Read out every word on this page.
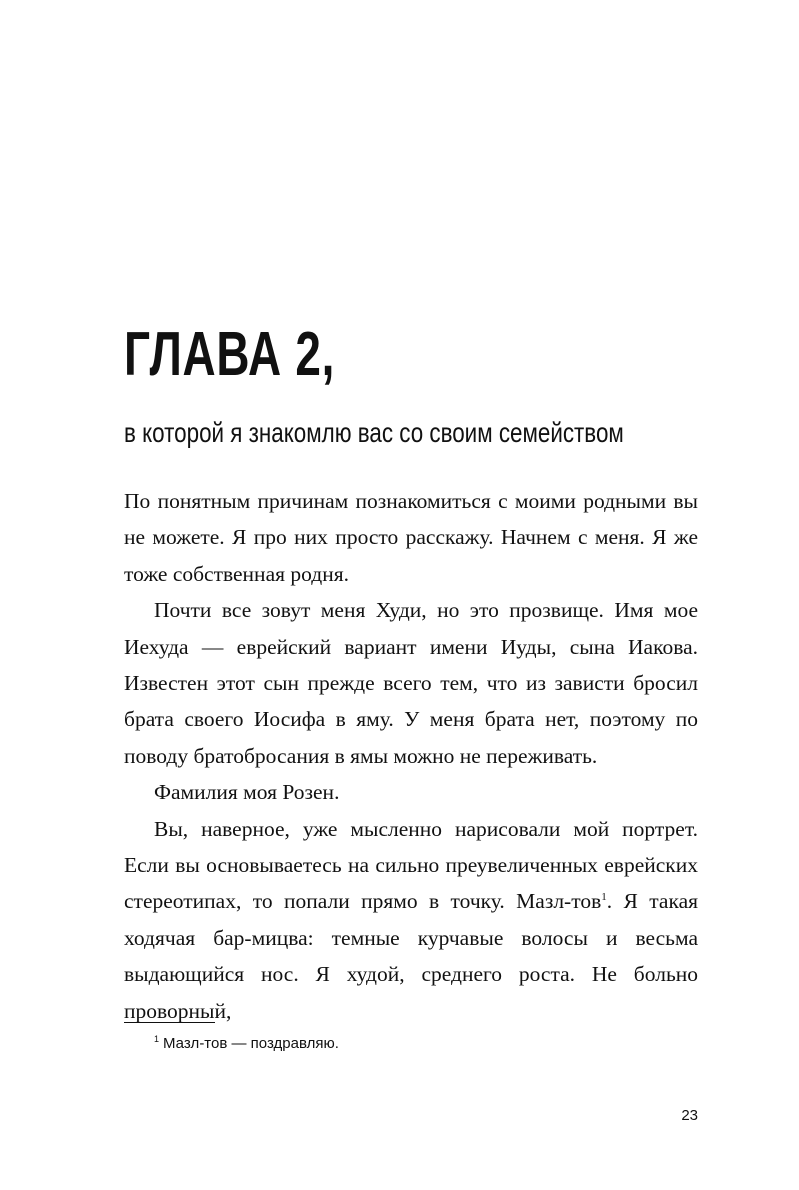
ГЛАВА 2,
в которой я знакомлю вас со своим семейством

По понятным причинам познакомиться с моими родными вы не можете. Я про них просто расскажу. Начнем с меня. Я же тоже собственная родня.

Почти все зовут меня Худи, но это прозвище. Имя мое Иехуда — еврейский вариант имени Иуды, сына Иакова. Известен этот сын прежде всего тем, что из зависти бросил брата своего Иосифа в яму. У меня брата нет, поэтому по поводу братобросания в ямы можно не переживать.

Фамилия моя Розен.

Вы, наверное, уже мысленно нарисовали мой портрет. Если вы основываетесь на сильно преувеличенных еврейских стереотипах, то попали прямо в точку. Мазл-тов$^1$. Я такая ходячая бар-мицва: темные курчавые волосы и весьма выдающийся нос. Я худой, среднего роста. Не больно проворный,

$^1$ Мазл-тов — поздравляю.

23
